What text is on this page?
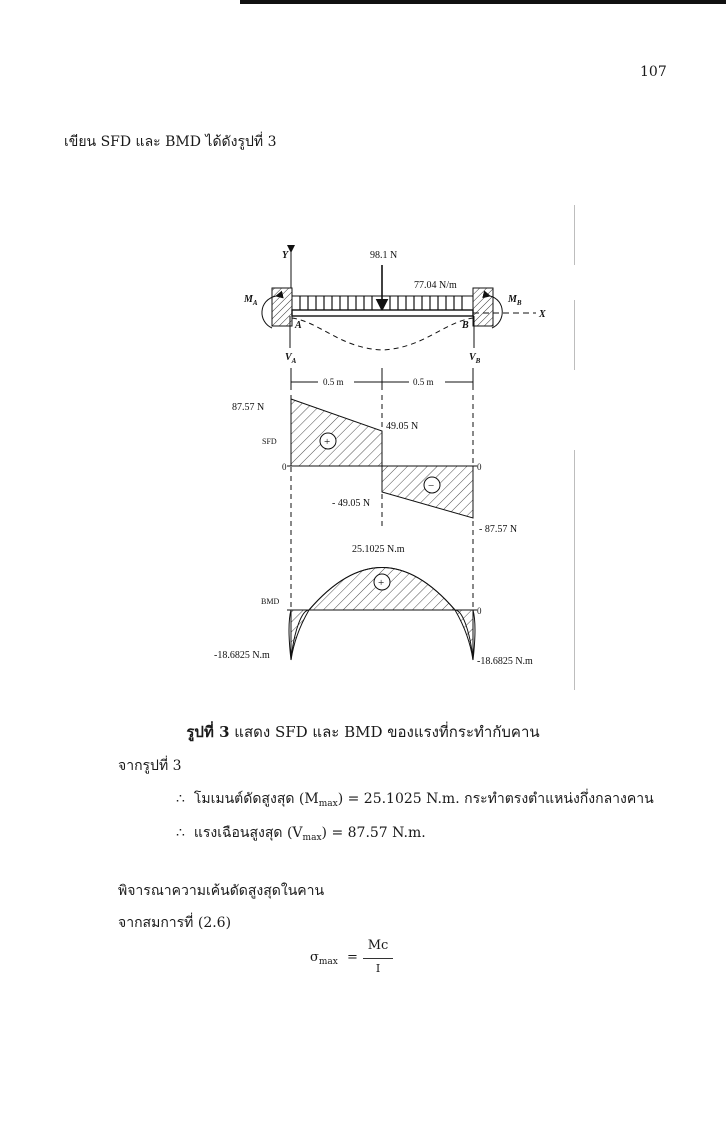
107
เขียน SFD และ BMD ได้ดังรูปที่ 3
Y	98.1 N
77.04 N/m
$M_A$	$M_B$
X
A	B
$V_A$	$V_B$
0.5 m	0.5 m
87.57 N
49.05 N
SFD
0	0
+
−
- 49.05 N
- 87.57 N
25.1025 N.m
+
BMD
0
-18.6825 N.m
-18.6825 N.m
รูปที่ 3 แสดง SFD และ BMD ของแรงที่กระทำกับคาน
จากรูปที่ 3
∴ โมเมนต์ดัดสูงสุด $(M_{max}) = 25.1025$ N.m. กระทำตรงตำแหน่งกึ่งกลางคาน
∴ แรงเฉือนสูงสุด $(V_{max}) = 87.57$ N.m.
พิจารณาความเค้นดัดสูงสุดในคาน
จากสมการที่ (2.6)
$\sigma_{max}$ =
Mc
I
